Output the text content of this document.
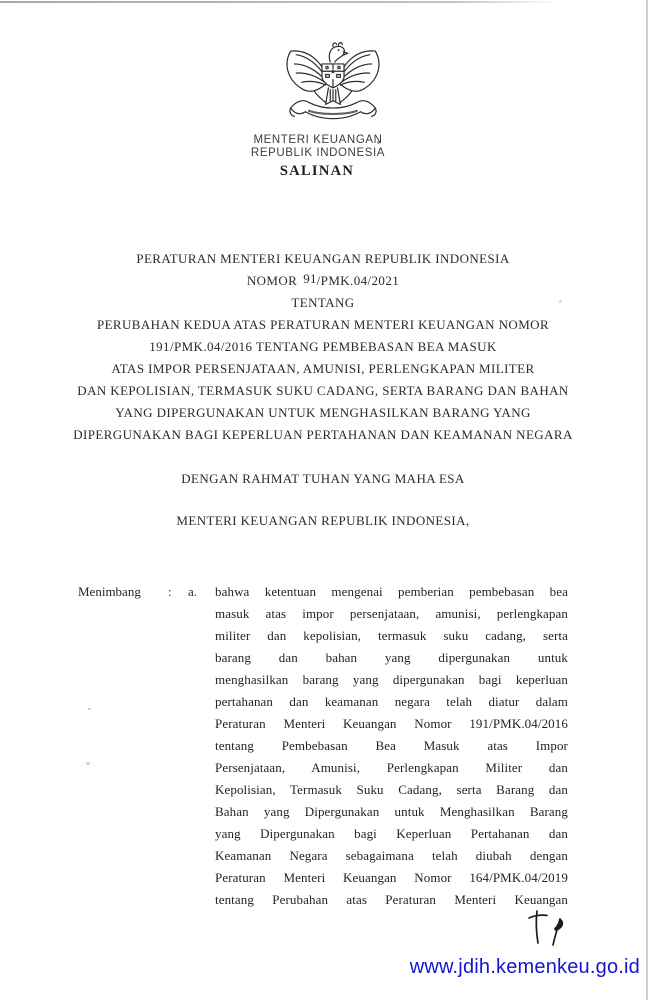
MENTERI KEUANGAN
REPUBLIK INDONESIA
SALINAN
PERATURAN MENTERI KEUANGAN REPUBLIK INDONESIA
NOMOR 91/PMK.04/2021
TENTANG
PERUBAHAN KEDUA ATAS PERATURAN MENTERI KEUANGAN NOMOR
191/PMK.04/2016 TENTANG PEMBEBASAN BEA MASUK
ATAS IMPOR PERSENJATAAN, AMUNISI, PERLENGKAPAN MILITER
DAN KEPOLISIAN, TERMASUK SUKU CADANG, SERTA BARANG DAN BAHAN
YANG DIPERGUNAKAN UNTUK MENGHASILKAN BARANG YANG
DIPERGUNAKAN BAGI KEPERLUAN PERTAHANAN DAN KEAMANAN NEGARA
DENGAN RAHMAT TUHAN YANG MAHA ESA
MENTERI KEUANGAN REPUBLIK INDONESIA,
Menimbang : a. bahwa ketentuan mengenai pemberian pembebasan bea
masuk atas impor persenjataan, amunisi, perlengkapan
militer dan kepolisian, termasuk suku cadang, serta
barang dan bahan yang dipergunakan untuk
menghasilkan barang yang dipergunakan bagi keperluan
pertahanan dan keamanan negara telah diatur dalam
Peraturan Menteri Keuangan Nomor 191/PMK.04/2016
tentang Pembebasan Bea Masuk atas Impor
Persenjataan, Amunisi, Perlengkapan Militer dan
Kepolisian, Termasuk Suku Cadang, serta Barang dan
Bahan yang Dipergunakan untuk Menghasilkan Barang
yang Dipergunakan bagi Keperluan Pertahanan dan
Keamanan Negara sebagaimana telah diubah dengan
Peraturan Menteri Keuangan Nomor 164/PMK.04/2019
tentang Perubahan atas Peraturan Menteri Keuangan
www.jdih.kemenkeu.go.id
